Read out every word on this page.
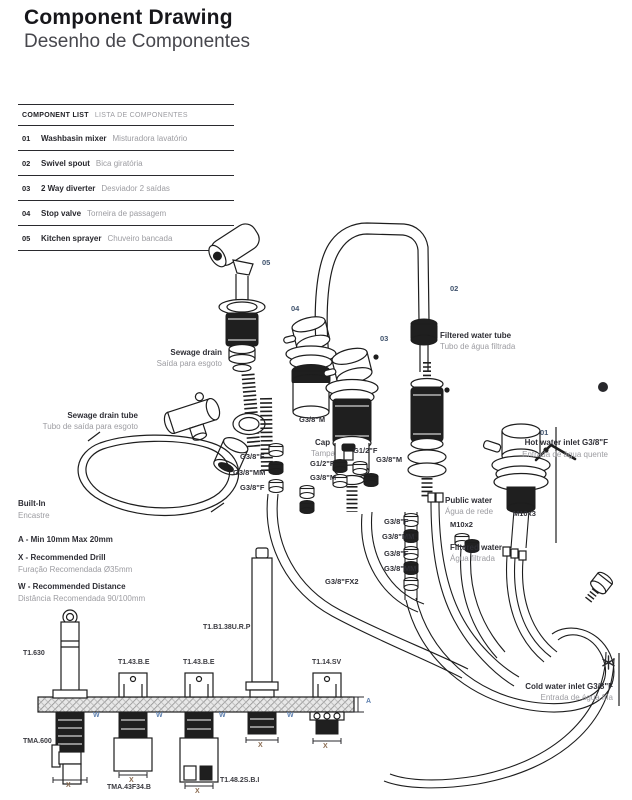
Component Drawing
Desenho de Componentes
COMPONENT LIST LISTA DE COMPONENTES
01	Washbasin mixer Misturadora lavatório
02	Swivel spout Bica giratória
03	2 Way diverter Desviador 2 saídas
04	Stop valve Torneira de passagem
05	Kitchen sprayer Chuveiro bancada
01
02
03
04
05
Sewage drain
Saída para esgoto
Sewage drain tube
Tubo de saída para esgoto
Filtered water tube
Tubo de água filtrada
Hot water inlet G3/8"F
Entrada de água quente
Cold water inlet G3/8"F
Entrada de água fria
Public water
Água de rede
Filtered water
Água filtrada
Cap
Tampa
Built-In
Encastre
A - Min 10mm Max 20mm
X - Recommended Drill
Furação Recomendada Ø35mm
W - Recommended Distance
Distância Recomendada 90/100mm
G3/8"M
G1/2"F
G3/8"M
G1/2"F
G3/8"M
G3/8"F
G3/8"MM
G3/8"F
G3/8"F
G3/8"MM
G3/8"F
G3/8"MM
G3/8"FX2
M10x2
M10x3
T1.630
T1.43.B.E	T1.43.B.E
T1.B1.38U.R.P
T1.14.SV
TMA.600
TMA.43F34.B
T1.48.2S.B.I
W	W	W	W
X
X
X
X	X
A
